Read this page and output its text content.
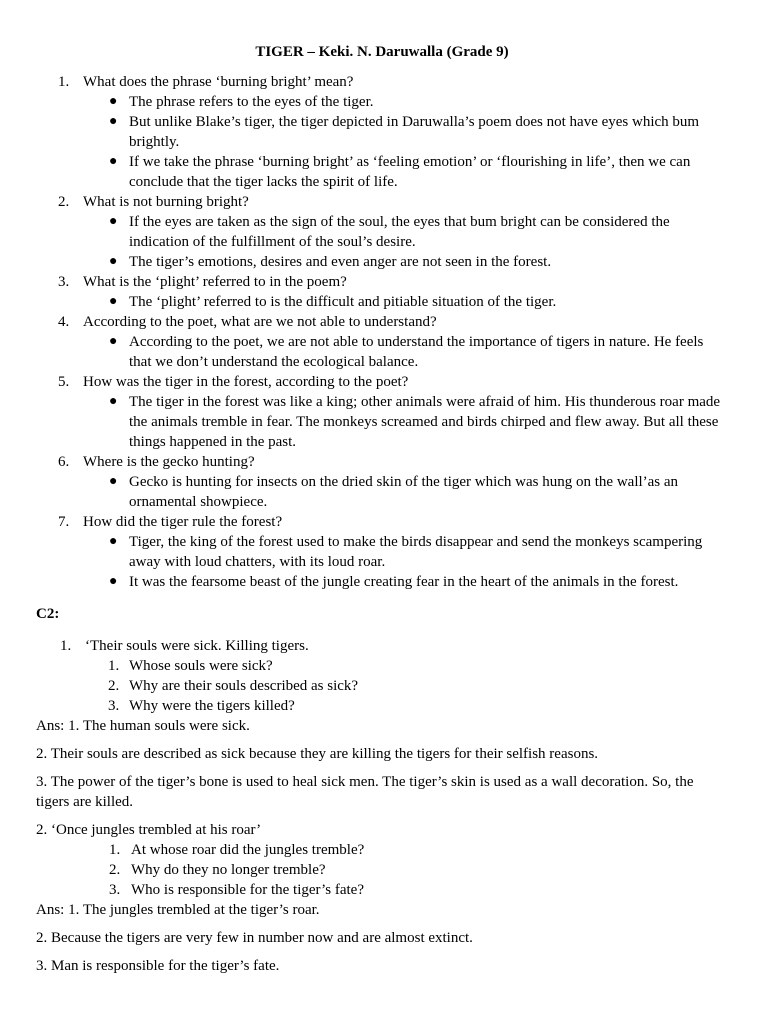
TIGER – Keki. N. Daruwalla (Grade 9)
1. What does the phrase ‘burning bright’ mean?
● The phrase refers to the eyes of the tiger.
● But unlike Blake’s tiger, the tiger depicted in Daruwalla’s poem does not have eyes which bum brightly.
● If we take the phrase ‘burning bright’ as ‘feeling emotion’ or ‘flourishing in life’, then we can conclude that the tiger lacks the spirit of life.
2. What is not burning bright?
● If the eyes are taken as the sign of the soul, the eyes that bum bright can be considered the indication of the fulfillment of the soul’s desire.
● The tiger’s emotions, desires and even anger are not seen in the forest.
3. What is the ‘plight’ referred to in the poem?
● The ‘plight’ referred to is the difficult and pitiable situation of the tiger.
4. According to the poet, what are we not able to understand?
● According to the poet, we are not able to understand the importance of tigers in nature. He feels that we don’t understand the ecological balance.
5. How was the tiger in the forest, according to the poet?
● The tiger in the forest was like a king; other animals were afraid of him. His thunderous roar made the animals tremble in fear. The monkeys screamed and birds chirped and flew away. But all these things happened in the past.
6. Where is the gecko hunting?
● Gecko is hunting for insects on the dried skin of the tiger which was hung on the wall’as an ornamental showpiece.
7. How did the tiger rule the forest?
● Tiger, the king of the forest used to make the birds disappear and send the monkeys scampering away with loud chatters, with its loud roar.
● It was the fearsome beast of the jungle creating fear in the heart of the animals in the forest.
C2:
1. ‘Their souls were sick. Killing tigers.
1. Whose souls were sick?
2. Why are their souls described as sick?
3. Why were the tigers killed?

Ans: 1. The human souls were sick.

2. Their souls are described as sick because they are killing the tigers for their selfish reasons.

3. The power of the tiger’s bone is used to heal sick men. The tiger’s skin is used as a wall decoration. So, the tigers are killed.

2. ‘Once jungles trembled at his roar’
1. At whose roar did the jungles tremble?
2. Why do they no longer tremble?
3. Who is responsible for the tiger’s fate?

Ans: 1. The jungles trembled at the tiger’s roar.

2. Because the tigers are very few in number now and are almost extinct.

3. Man is responsible for the tiger’s fate.
